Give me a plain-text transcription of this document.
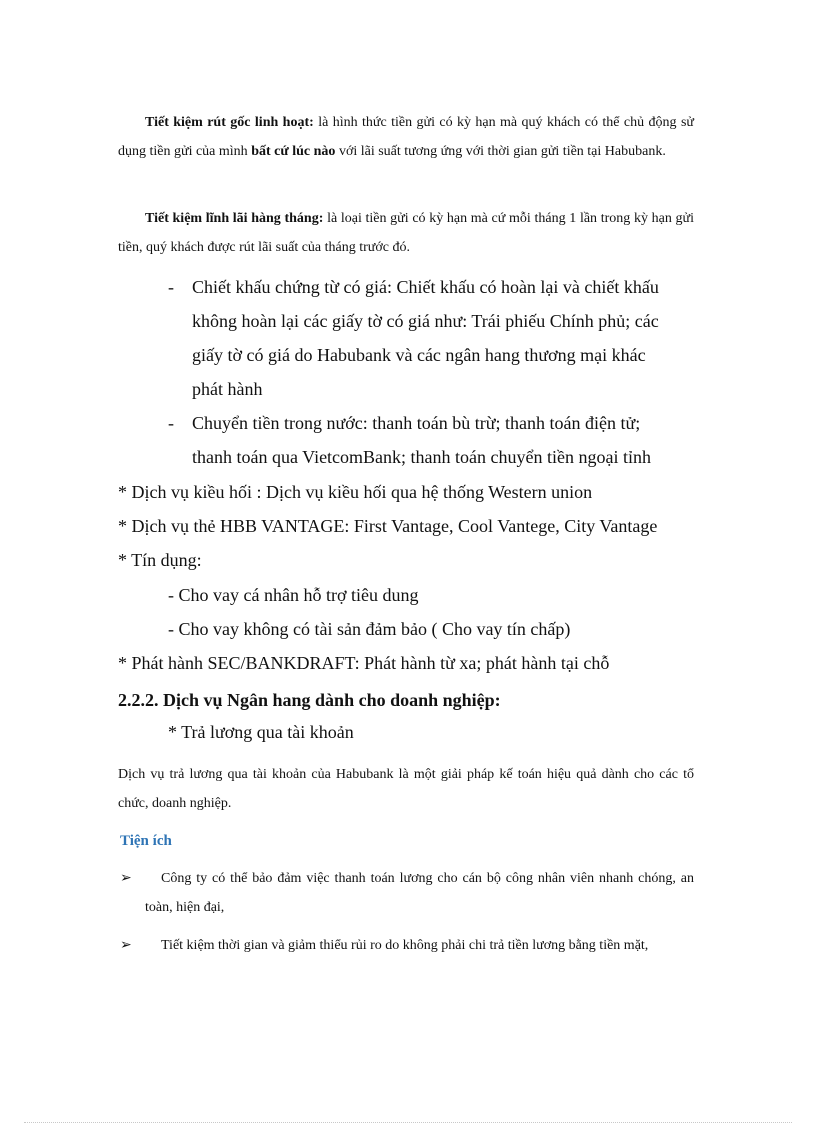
Tiết kiệm rút gốc linh hoạt: là hình thức tiền gửi có kỳ hạn mà quý khách có thể chủ động sử dụng tiền gửi của mình bất cứ lúc nào với lãi suất tương ứng với thời gian gửi tiền tại Habubank.
Tiết kiệm lĩnh lãi hàng tháng: là loại tiền gửi có kỳ hạn mà cứ mỗi tháng 1 lần trong kỳ hạn gửi tiền, quý khách được rút lãi suất của tháng trước đó.
- Chiết khấu chứng từ có giá: Chiết khấu có hoàn lại và chiết khấu
không hoàn lại các giấy tờ có giá như: Trái phiếu Chính phủ; các
giấy tờ có giá do Habubank và các ngân hang thương mại khác
phát hành
- Chuyển tiền trong nước: thanh toán bù trừ; thanh toán điện tử;
thanh toán qua VietcomBank; thanh toán chuyển tiền ngoại tỉnh
* Dịch vụ kiều hối : Dịch vụ kiều hối qua hệ thống Western union
* Dịch vụ thẻ HBB VANTAGE: First Vantage, Cool Vantege, City Vantage
* Tín dụng:
- Cho vay cá nhân hỗ trợ tiêu dung
- Cho vay không có tài sản đảm bảo ( Cho vay tín chấp)
* Phát hành SEC/BANKDRAFT: Phát hành từ xa; phát hành tại chỗ
2.2.2. Dịch vụ Ngân hang dành cho doanh nghiệp:
* Trả lương qua tài khoản
Dịch vụ trả lương qua tài khoản của Habubank là một giải pháp kế toán hiệu quả dành cho các tổ chức, doanh nghiệp.
Tiện ích
➢	Công ty có thể bảo đảm việc thanh toán lương cho cán bộ công nhân viên nhanh chóng, an toàn, hiện đại,
➢	Tiết kiệm thời gian và giảm thiểu rủi ro do không phải chi trả tiền lương bằng tiền mặt,
